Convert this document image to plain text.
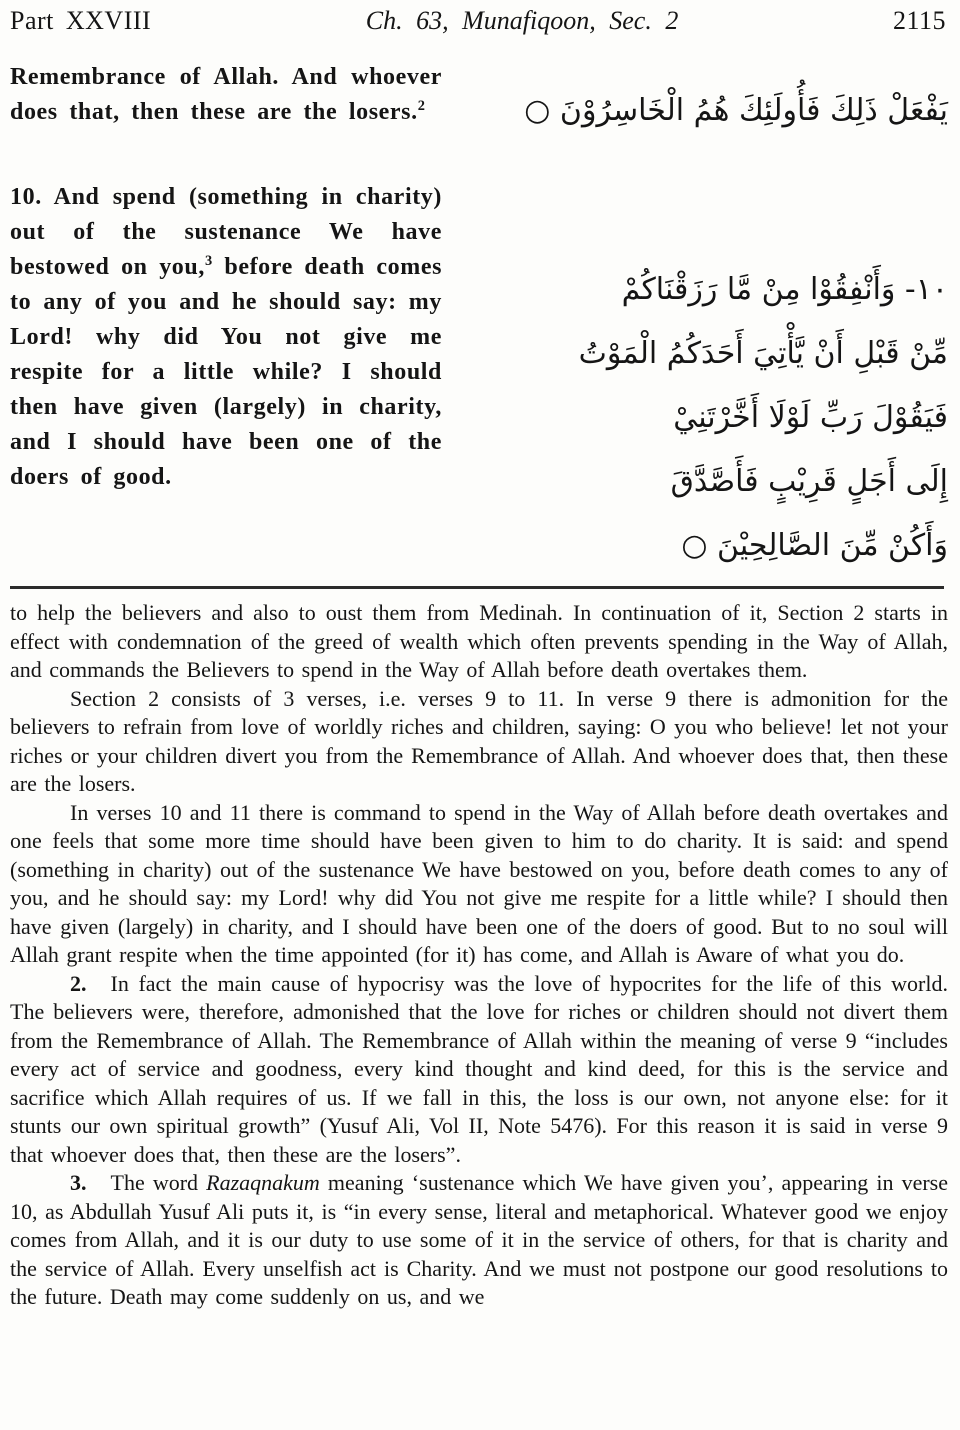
Part XXVIII	Ch. 63, Munafiqoon, Sec. 2	2115

Remembrance of Allah. And whoever does that, then these are the losers.$^2$

10. And spend (something in charity) out of the sustenance We have bestowed on you,$^3$ before death comes to any of you and he should say: my Lord! why did You not give me respite for a little while? I should then have given (largely) in charity, and I should have been one of the doers of good.

يَفْعَلْ ذَلِكَ فَأُولَئِكَ هُمُ الْخَاسِرُوْنَ ○
١٠- وَأَنْفِقُوْا مِنْ مَّا رَزَقْنَاكُمْ
مِّنْ قَبْلِ أَنْ يَّأْتِيَ أَحَدَكُمُ الْمَوْتُ
فَيَقُوْلَ رَبِّ لَوْلَا أَخَّرْتَنِيْ
إِلَى أَجَلٍ قَرِيْبٍ فَأَصَّدَّقَ
وَأَكُنْ مِّنَ الصَّالِحِيْنَ ○

to help the believers and also to oust them from Medinah. In continuation of it, Section 2 starts in effect with condemnation of the greed of wealth which often prevents spending in the Way of Allah, and commands the Believers to spend in the Way of Allah before death overtakes them.

Section 2 consists of 3 verses, i.e. verses 9 to 11. In verse 9 there is admonition for the believers to refrain from love of worldly riches and children, saying: O you who believe! let not your riches or your children divert you from the Remembrance of Allah. And whoever does that, then these are the losers.

In verses 10 and 11 there is command to spend in the Way of Allah before death overtakes and one feels that some more time should have been given to him to do charity. It is said: and spend (something in charity) out of the sustenance We have bestowed on you, before death comes to any of you, and he should say: my Lord! why did You not give me respite for a little while? I should then have given (largely) in charity, and I should have been one of the doers of good. But to no soul will Allah grant respite when the time appointed (for it) has come, and Allah is Aware of what you do.

2. In fact the main cause of hypocrisy was the love of hypocrites for the life of this world. The believers were, therefore, admonished that the love for riches or children should not divert them from the Remembrance of Allah. The Remembrance of Allah within the meaning of verse 9 “includes every act of service and goodness, every kind thought and kind deed, for this is the service and sacrifice which Allah requires of us. If we fall in this, the loss is our own, not anyone else: for it stunts our own spiritual growth” (Yusuf Ali, Vol II, Note 5476). For this reason it is said in verse 9 that whoever does that, then these are the losers”.

3. The word Razaqnakum meaning ‘sustenance which We have given you’, appearing in verse 10, as Abdullah Yusuf Ali puts it, is “in every sense, literal and metaphorical. Whatever good we enjoy comes from Allah, and it is our duty to use some of it in the service of others, for that is charity and the service of Allah. Every unselfish act is Charity. And we must not postpone our good resolutions to the future. Death may come suddenly on us, and we
